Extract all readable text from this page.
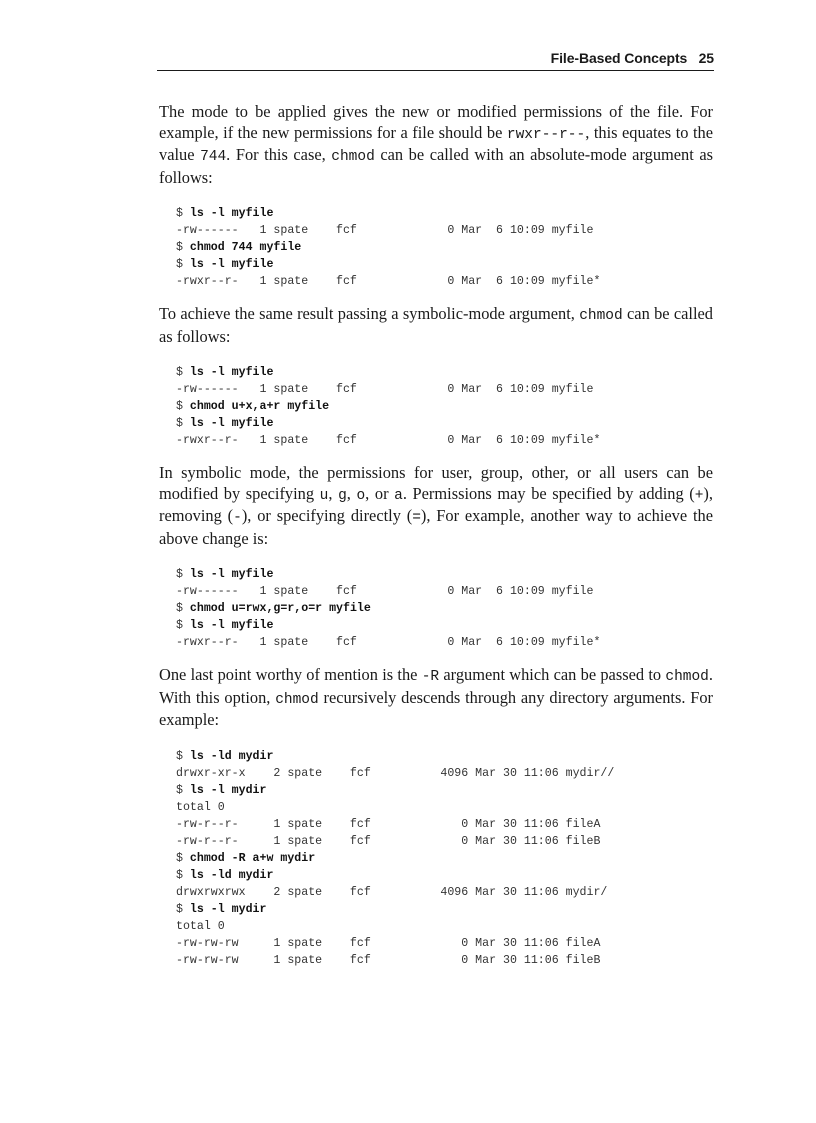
File-Based Concepts 25

The mode to be applied gives the new or modified permissions of the file. For example, if the new permissions for a file should be rwxr--r--, this equates to the value 744. For this case, chmod can be called with an absolute-mode argument as follows:

$ ls -l myfile
-rw------   1 spate    fcf             0 Mar  6 10:09 myfile
$ chmod 744 myfile
$ ls -l myfile
-rwxr--r-   1 spate    fcf             0 Mar  6 10:09 myfile*

To achieve the same result passing a symbolic-mode argument, chmod can be called as follows:

$ ls -l myfile
-rw------   1 spate    fcf             0 Mar  6 10:09 myfile
$ chmod u+x,a+r myfile
$ ls -l myfile
-rwxr--r-   1 spate    fcf             0 Mar  6 10:09 myfile*

In symbolic mode, the permissions for user, group, other, or all users can be modified by specifying u, g, o, or a. Permissions may be specified by adding (+), removing (-), or specifying directly (=), For example, another way to achieve the above change is:

$ ls -l myfile
-rw------   1 spate    fcf             0 Mar  6 10:09 myfile
$ chmod u=rwx,g=r,o=r myfile
$ ls -l myfile
-rwxr--r-   1 spate    fcf             0 Mar  6 10:09 myfile*

One last point worthy of mention is the -R argument which can be passed to chmod. With this option, chmod recursively descends through any directory arguments. For example:

$ ls -ld mydir
drwxr-xr-x    2 spate    fcf          4096 Mar 30 11:06 mydir//
$ ls -l mydir
total 0
-rw-r--r-     1 spate    fcf             0 Mar 30 11:06 fileA
-rw-r--r-     1 spate    fcf             0 Mar 30 11:06 fileB
$ chmod -R a+w mydir
$ ls -ld mydir
drwxrwxrwx    2 spate    fcf          4096 Mar 30 11:06 mydir/
$ ls -l mydir
total 0
-rw-rw-rw     1 spate    fcf             0 Mar 30 11:06 fileA
-rw-rw-rw     1 spate    fcf             0 Mar 30 11:06 fileB
